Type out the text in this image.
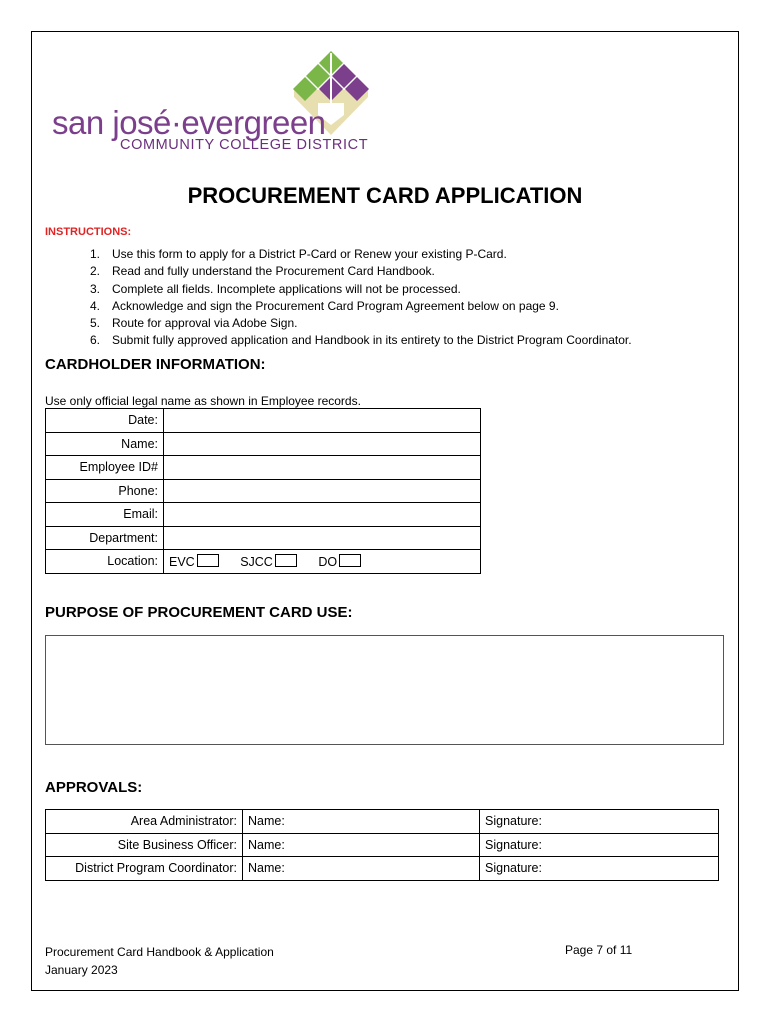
san josé·evergreen
COMMUNITY COLLEGE DISTRICT
PROCUREMENT CARD APPLICATION
INSTRUCTIONS:
1. Use this form to apply for a District P-Card or Renew your existing P-Card.
2. Read and fully understand the Procurement Card Handbook.
3. Complete all fields. Incomplete applications will not be processed.
4. Acknowledge and sign the Procurement Card Program Agreement below on page 9.
5. Route for approval via Adobe Sign.
6. Submit fully approved application and Handbook in its entirety to the District Program Coordinator.
CARDHOLDER INFORMATION:
Use only official legal name as shown in Employee records.
Date:	
Name:	
Employee ID#	
Phone:	
Email:	
Department:	
Location:	EVC SJCC DO
PURPOSE OF PROCUREMENT CARD USE:
APPROVALS:
Area Administrator:	Name:	Signature:
Site Business Officer:	Name:	Signature:
District Program Coordinator:	Name:	Signature:
Procurement Card Handbook & Application
January 2023
Page 7 of 11
